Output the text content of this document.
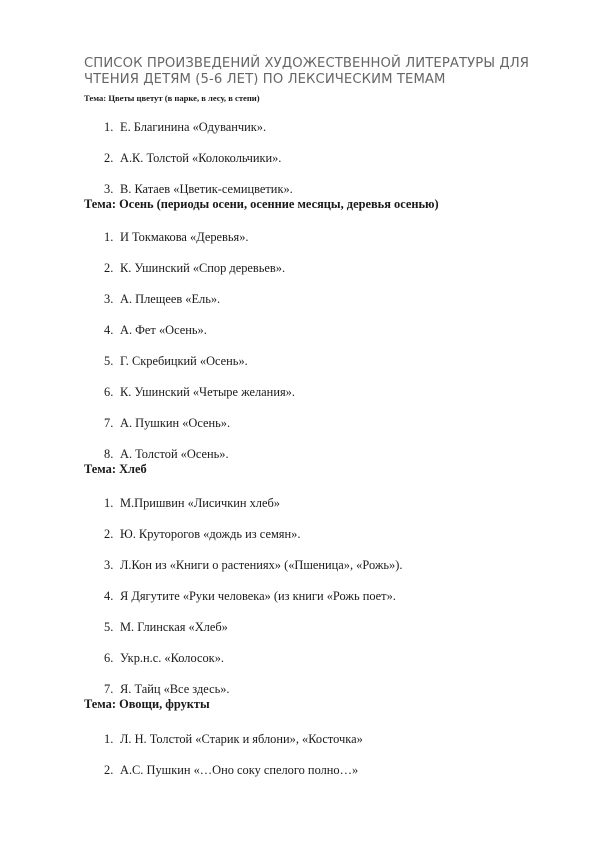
СПИСОК ПРОИЗВЕДЕНИЙ ХУДОЖЕСТВЕННОЙ ЛИТЕРАТУРЫ ДЛЯ
ЧТЕНИЯ ДЕТЯМ (5-6 ЛЕТ) ПО ЛЕКСИЧЕСКИМ ТЕМАМ
Тема: Цветы цветут (в парке, в лесу, в степи)
1. Е. Благинина «Одуванчик».
2. А.К. Толстой «Колокольчики».
3. В. Катаев «Цветик-семицветик».
Тема: Осень (периоды осени, осенние месяцы, деревья осенью)
1. И Токмакова «Деревья».
2. К. Ушинский «Спор деревьев».
3. А. Плещеев «Ель».
4. А. Фет «Осень».
5. Г. Скребицкий «Осень».
6. К. Ушинский «Четыре желания».
7. А. Пушкин «Осень».
8. А. Толстой «Осень».
Тема: Хлеб
1. М.Пришвин «Лисичкин хлеб»
2. Ю. Круторогов «дождь из семян».
3. Л.Кон из «Книги о растениях» («Пшеница», «Рожь»).
4. Я Дягутите «Руки человека» (из книги «Рожь поет».
5. М. Глинская «Хлеб»
6. Укр.н.с. «Колосок».
7. Я. Тайц «Все здесь».
Тема: Овощи, фрукты
1. Л. Н. Толстой «Старик и яблони», «Косточка»
2. А.С. Пушкин «…Оно соку спелого полно…»
